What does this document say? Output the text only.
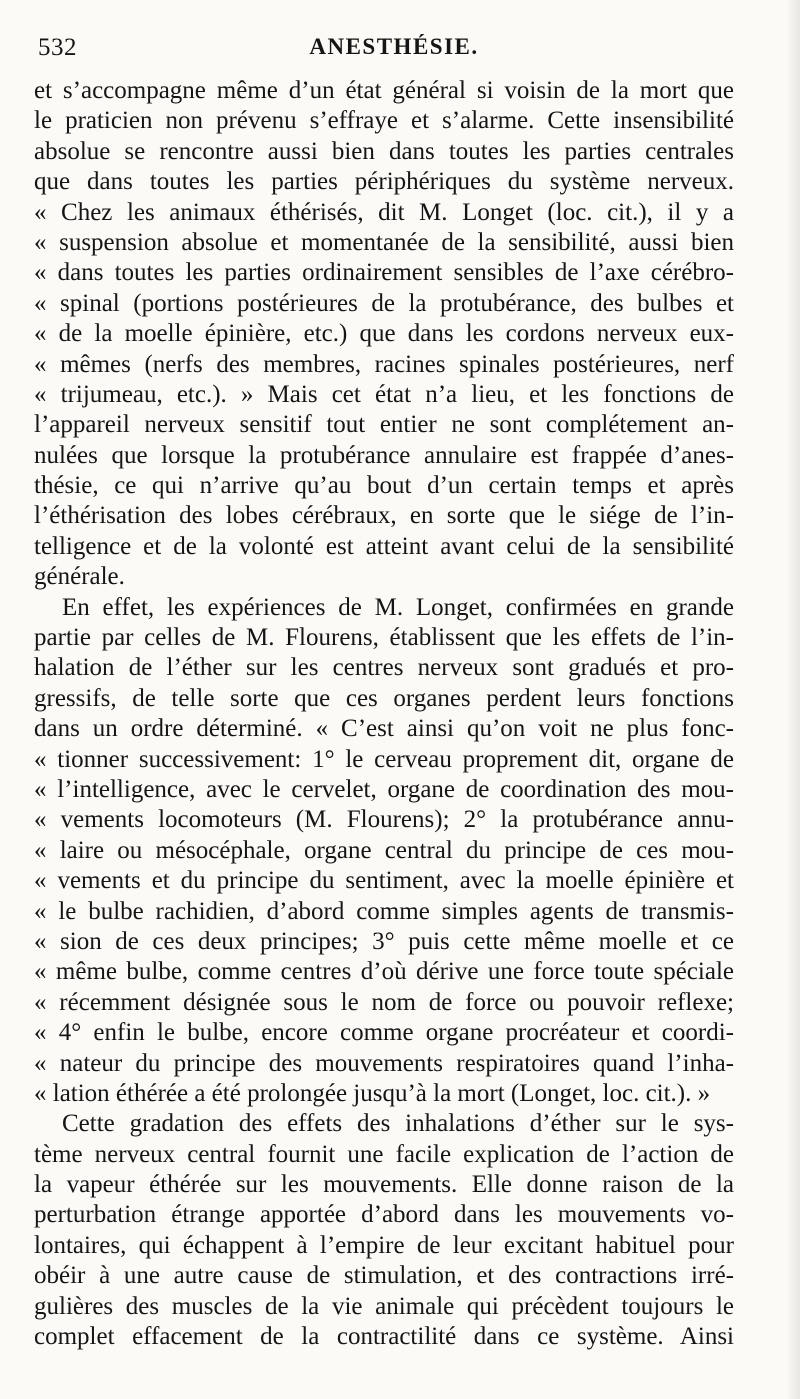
532	ANESTHÉSIE.
et s’accompagne même d’un état général si voisin de la mort que
le praticien non prévenu s’effraye et s’alarme. Cette insensibilité
absolue se rencontre aussi bien dans toutes les parties centrales
que dans toutes les parties périphériques du système nerveux.
« Chez les animaux éthérisés, dit M. Longet (loc. cit.), il y a
« suspension absolue et momentanée de la sensibilité, aussi bien
« dans toutes les parties ordinairement sensibles de l’axe cérébro-
« spinal (portions postérieures de la protubérance, des bulbes et
« de la moelle épinière, etc.) que dans les cordons nerveux eux-
« mêmes (nerfs des membres, racines spinales postérieures, nerf
« trijumeau, etc.). » Mais cet état n’a lieu, et les fonctions de
l’appareil nerveux sensitif tout entier ne sont complétement an-
nulées que lorsque la protubérance annulaire est frappée d’anes-
thésie, ce qui n’arrive qu’au bout d’un certain temps et après
l’éthérisation des lobes cérébraux, en sorte que le siége de l’in-
telligence et de la volonté est atteint avant celui de la sensibilité
générale.
En effet, les expériences de M. Longet, confirmées en grande
partie par celles de M. Flourens, établissent que les effets de l’in-
halation de l’éther sur les centres nerveux sont gradués et pro-
gressifs, de telle sorte que ces organes perdent leurs fonctions
dans un ordre déterminé. « C’est ainsi qu’on voit ne plus fonc-
« tionner successivement: 1° le cerveau proprement dit, organe de
« l’intelligence, avec le cervelet, organe de coordination des mou-
« vements locomoteurs (M. Flourens); 2° la protubérance annu-
« laire ou mésocéphale, organe central du principe de ces mou-
« vements et du principe du sentiment, avec la moelle épinière et
« le bulbe rachidien, d’abord comme simples agents de transmis-
« sion de ces deux principes; 3° puis cette même moelle et ce
« même bulbe, comme centres d’où dérive une force toute spéciale
« récemment désignée sous le nom de force ou pouvoir reflexe;
« 4° enfin le bulbe, encore comme organe procréateur et coordi-
« nateur du principe des mouvements respiratoires quand l’inha-
« lation éthérée a été prolongée jusqu’à la mort (Longet, loc. cit.). »
Cette gradation des effets des inhalations d’éther sur le sys-
tème nerveux central fournit une facile explication de l’action de
la vapeur éthérée sur les mouvements. Elle donne raison de la
perturbation étrange apportée d’abord dans les mouvements vo-
lontaires, qui échappent à l’empire de leur excitant habituel pour
obéir à une autre cause de stimulation, et des contractions irré-
gulières des muscles de la vie animale qui précèdent toujours le
complet effacement de la contractilité dans ce système. Ainsi
